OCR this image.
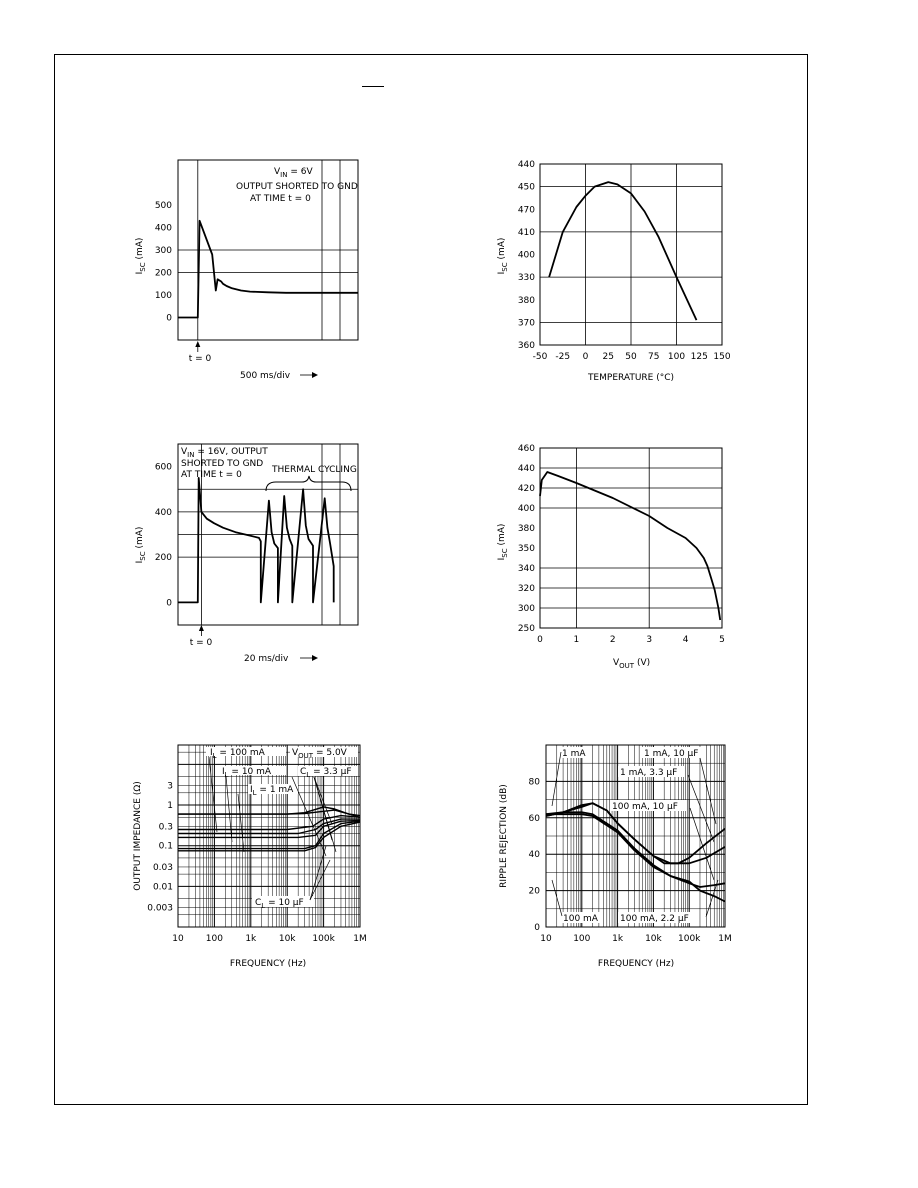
0
100
200
300
400
500
$I_{SC}$ (mA)
$V_{IN} = 6V$
OUTPUT SHORTED TO GND
AT TIME t = 0
t = 0
500 ms/div
360
370
380
330
400
410
470
450
440
-50 -25 0 25 50 75 100 125 150
$I_{SC}$ (mA)
TEMPERATURE (°C)
0
200
400
600
$I_{SC}$ (mA)
$V_{IN} = 16V$, OUTPUT
SHORTED TO GND
AT TIME t = 0	THERMAL CYCLING
t = 0
20 ms/div
250
300
320
340
350
380
400
420
440
460
0	1	2	3	4	5
$I_{SC}$ (mA)
$V_{OUT}$ (V)
0.003
0.01
0.03
0.1
0.3
1
3
10 100 1k	10k 100k 1M
OUTPUT IMPEDANCE (Ω)
FREQUENCY (Hz)
$I_L = 100$ mA
$I_L = 10$ mA
$I_L = 1$ mA
$V_{OUT} = 5.0V$
$C_L = 3.3$ μF
$C_L = 10$ μF
0
20
40
60
80
10 100 1k 10k 100k 1M
RIPPLE REJECTION (dB)
FREQUENCY (Hz)
1 mA	1 mA, 10 μF
1 mA, 3.3 μF
100 mA, 10 μF
100 mA 100 mA, 2.2 μF
